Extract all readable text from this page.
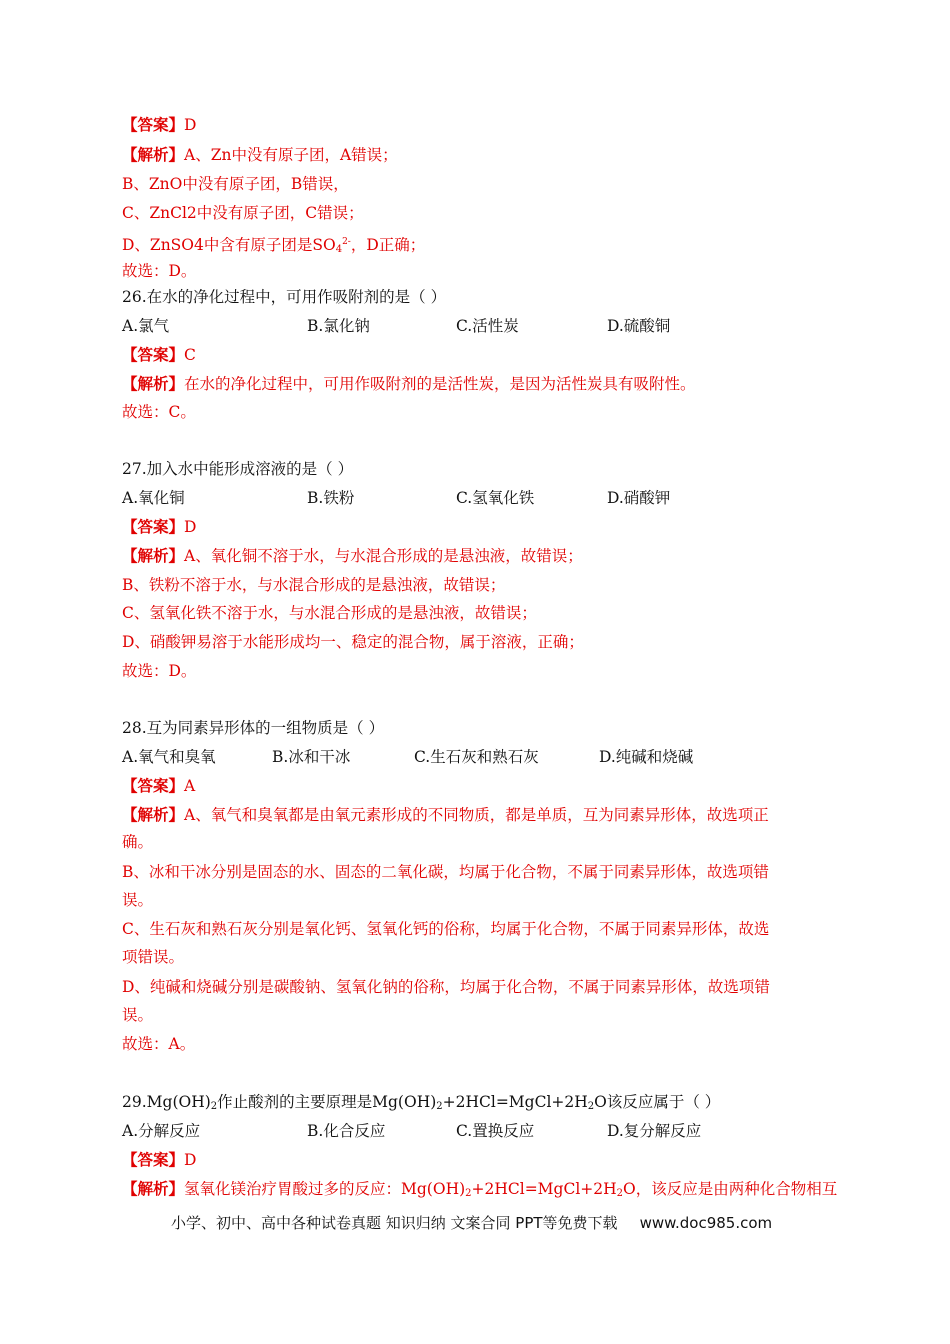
【答案】D
【解析】A、Zn中没有原子团，A错误；
B、ZnO中没有原子团，B错误，
C、ZnCl2中没有原子团，C错误；
D、ZnSO4中含有原子团是$SO_4^{2-}$，D正确；
故选：D。
26.在水的净化过程中，可用作吸附剂的是（ ）
A.氯气	B.氯化钠	C.活性炭	D.硫酸铜
【答案】C
【解析】在水的净化过程中，可用作吸附剂的是活性炭，是因为活性炭具有吸附性。
故选：C。
27.加入水中能形成溶液的是（ ）
A.氧化铜	B.铁粉	C.氢氧化铁	D.硝酸钾
【答案】D
【解析】A、氧化铜不溶于水，与水混合形成的是悬浊液，故错误；
B、铁粉不溶于水，与水混合形成的是悬浊液，故错误；
C、氢氧化铁不溶于水，与水混合形成的是悬浊液，故错误；
D、硝酸钾易溶于水能形成均一、稳定的混合物，属于溶液，正确；
故选：D。
28.互为同素异形体的一组物质是（ ）
A.氧气和臭氧	B.冰和干冰	C.生石灰和熟石灰	D.纯碱和烧碱
【答案】A
【解析】A、氧气和臭氧都是由氧元素形成的不同物质，都是单质，互为同素异形体，故选项正
确。
B、冰和干冰分别是固态的水、固态的二氧化碳，均属于化合物，不属于同素异形体，故选项错
误。
C、生石灰和熟石灰分别是氧化钙、氢氧化钙的俗称，均属于化合物，不属于同素异形体，故选
项错误。
D、纯碱和烧碱分别是碳酸钠、氢氧化钠的俗称，均属于化合物，不属于同素异形体，故选项错
误。
故选：A。
$29.Mg(OH)_2$作止酸剂的主要原理是$Mg(OH)_2+2HCl=MgCl+2H_2O$该反应属于（ ）
A.分解反应	B.化合反应	C.置换反应	D.复分解反应
【答案】D
【解析】氢氧化镁治疗胃酸过多的反应：$Mg(OH)_2+2HCl=MgCl+2H_2O$，该反应是由两种化合物相互
小学、初中、高中各种试卷真题 知识归纳 文案合同 PPT等免费下载 www.doc985.com
